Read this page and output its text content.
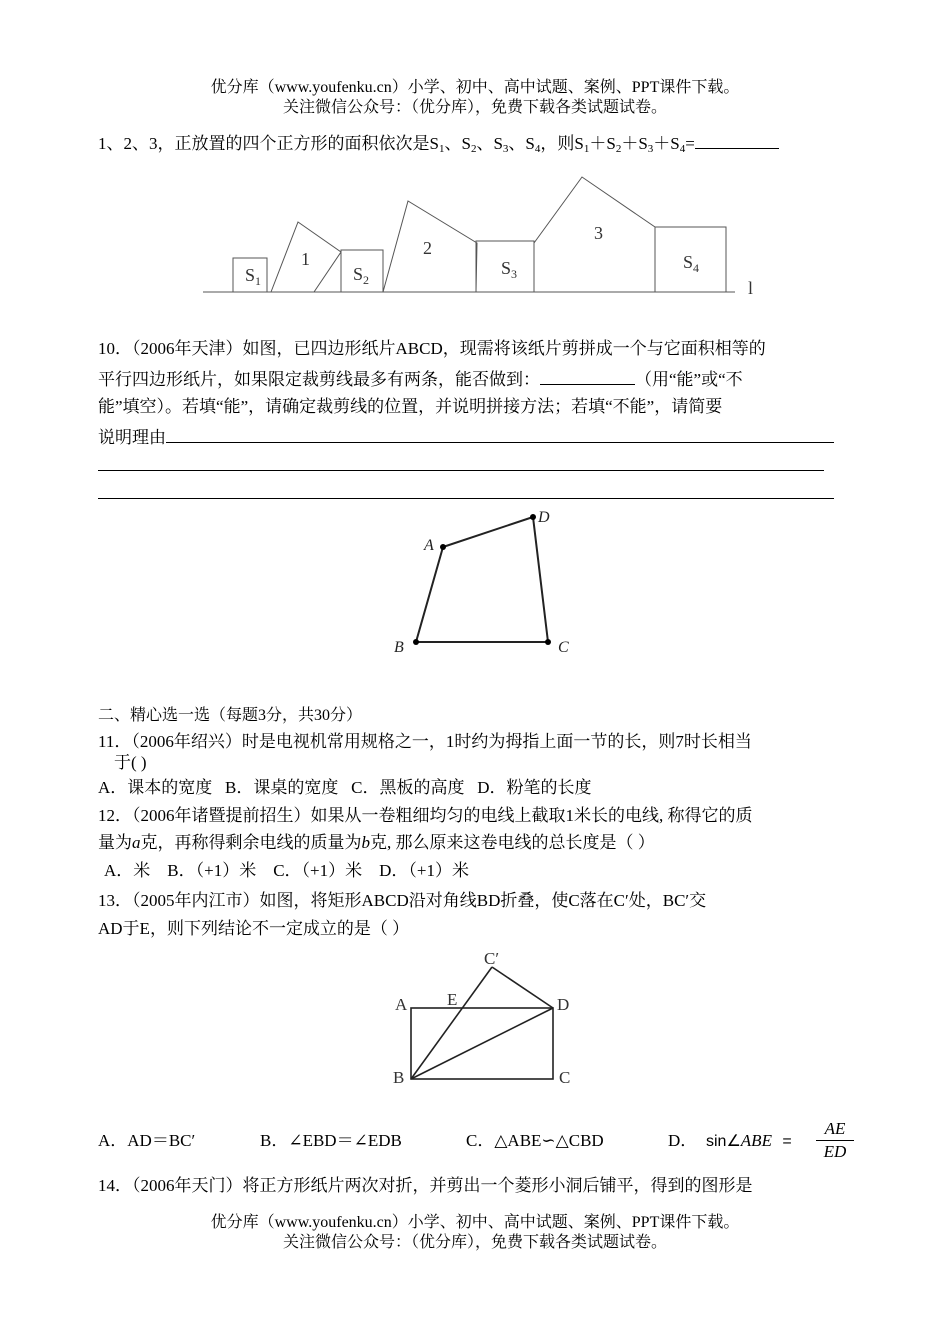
优分库（www.youfenku.cn）小学、初中、高中试题、案例、PPT课件下载。
关注微信公众号：（优分库），免费下载各类试题试卷。
1、2、3，正放置的四个正方形的面积依次是$S_1$、$S_2$、$S_3$、$S_4$，则$S_1+S_2+S_3+S_4=$
$S_1$
1
$S_2$
2
$S_3$
3
$S_4$
l
10．（2006年天津）如图，已四边形纸片ABCD，现需将该纸片剪拼成一个与它面积相等的
平行四边形纸片，如果限定裁剪线最多有两条，能否做到：	（用“能”或“不
能”填空）。若填“能”，请确定裁剪线的位置，并说明拼接方法；若填“不能”，请简要
说明理由
A
D
C
B
二、精心选一选（每题3分，共30分）
11．（2006年绍兴）时是电视机常用规格之一，1时约为拇指上面一节的长，则7时长相当
于( )
A．课本的宽度   B．课桌的宽度   C．黑板的高度   D．粉笔的长度
12．（2006年诸暨提前招生）如果从一卷粗细均匀的电线上截取1米长的电线, 称得它的质
量为a克，再称得剩余电线的质量为b克, 那么原来这卷电线的总长度是（ ）
A．米    B．（+1）米    C．（+1）米    D．（+1）米
13．（2005年内江市）如图，将矩形ABCD沿对角线BD折叠，使C落在C′处，BC′交
AD于E，则下列结论不一定成立的是（ ）
A E
C′
D
B	C
A．AD＝BC′	B．∠EBD＝∠EDB	C．△ABE∽△CBD	D． sin∠ABE = $\frac{AE}{ED}$
14．（2006年天门）将正方形纸片两次对折，并剪出一个菱形小洞后铺平，得到的图形是
优分库（www.youfenku.cn）小学、初中、高中试题、案例、PPT课件下载。
关注微信公众号：（优分库），免费下载各类试题试卷。
